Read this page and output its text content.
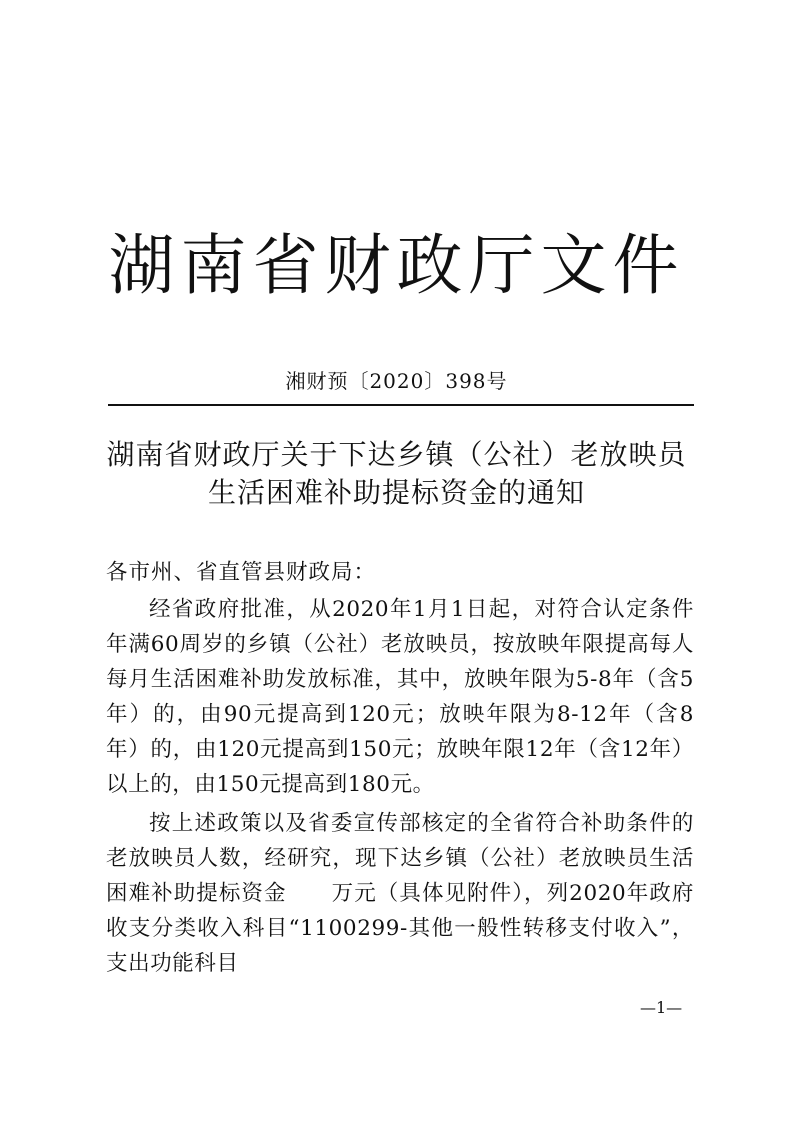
湖南省财政厅文件
湘财预〔2020〕398号
湖南省财政厅关于下达乡镇（公社）老放映员
生活困难补助提标资金的通知

各市州、省直管县财政局：

经省政府批准，从2020年1月1日起，对符合认定条件年满60周岁的乡镇（公社）老放映员，按放映年限提高每人每月生活困难补助发放标准，其中，放映年限为5-8年（含5年）的，由90元提高到120元；放映年限为8-12年（含8年）的，由120元提高到150元；放映年限12年（含12年）以上的，由150元提高到180元。

按上述政策以及省委宣传部核定的全省符合补助条件的老放映员人数，经研究，现下达乡镇（公社）老放映员生活困难补助提标资金　　万元（具体见附件），列2020年政府收支分类收入科目“1100299-其他一般性转移支付收入”，支出功能科目

—1—
